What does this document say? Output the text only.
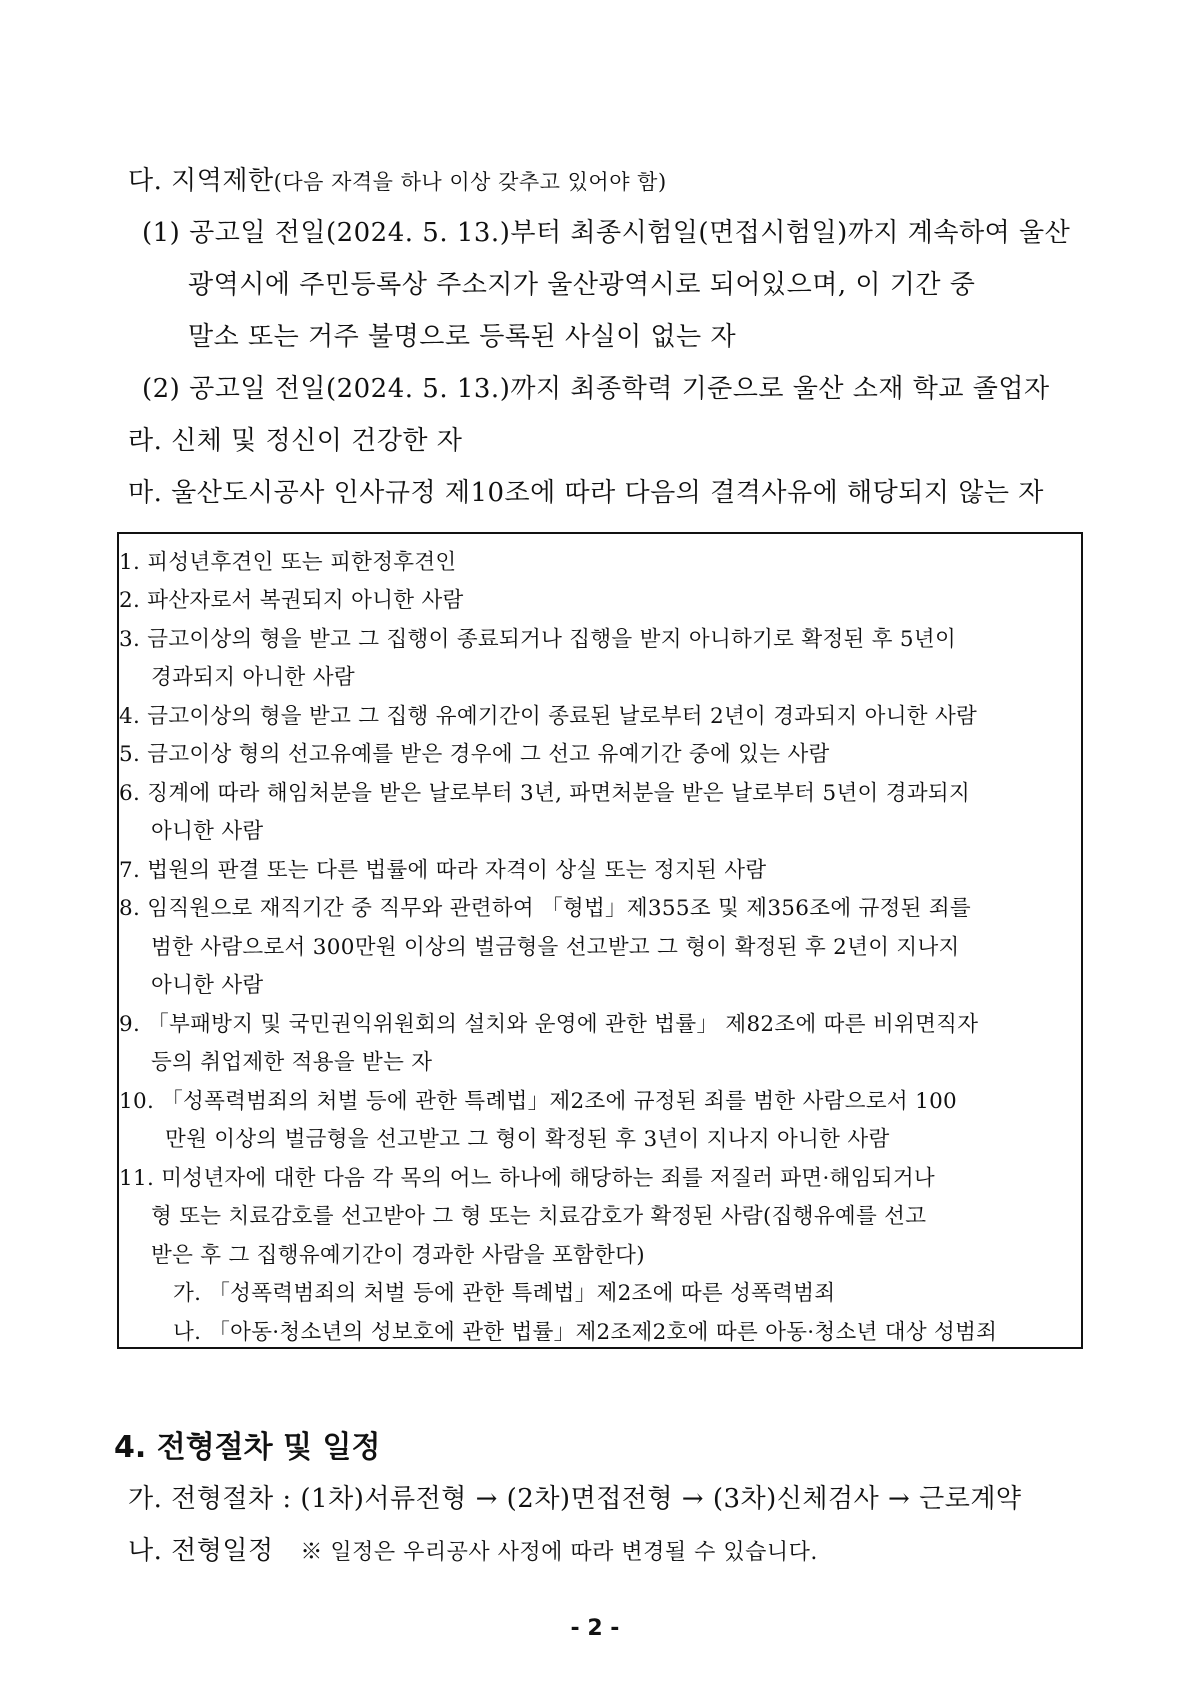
다. 지역제한(다음 자격을 하나 이상 갖추고 있어야 함)
(1) 공고일 전일(2024. 5. 13.)부터 최종시험일(면접시험일)까지 계속하여 울산
광역시에 주민등록상 주소지가 울산광역시로 되어있으며, 이 기간 중
말소 또는 거주 불명으로 등록된 사실이 없는 자
(2) 공고일 전일(2024. 5. 13.)까지 최종학력 기준으로 울산 소재 학교 졸업자
라. 신체 및 정신이 건강한 자
마. 울산도시공사 인사규정 제10조에 따라 다음의 결격사유에 해당되지 않는 자
1. 피성년후견인 또는 피한정후견인
2. 파산자로서 복권되지 아니한 사람
3. 금고이상의 형을 받고 그 집행이 종료되거나 집행을 받지 아니하기로 확정된 후 5년이
경과되지 아니한 사람
4. 금고이상의 형을 받고 그 집행 유예기간이 종료된 날로부터 2년이 경과되지 아니한 사람
5. 금고이상 형의 선고유예를 받은 경우에 그 선고 유예기간 중에 있는 사람
6. 징계에 따라 해임처분을 받은 날로부터 3년, 파면처분을 받은 날로부터 5년이 경과되지
아니한 사람
7. 법원의 판결 또는 다른 법률에 따라 자격이 상실 또는 정지된 사람
8. 임직원으로 재직기간 중 직무와 관련하여 「형법」제355조 및 제356조에 규정된 죄를
범한 사람으로서 300만원 이상의 벌금형을 선고받고 그 형이 확정된 후 2년이 지나지
아니한 사람
9. 「부패방지 및 국민권익위원회의 설치와 운영에 관한 법률」 제82조에 따른 비위면직자
등의 취업제한 적용을 받는 자
10. 「성폭력범죄의 처벌 등에 관한 특례법」제2조에 규정된 죄를 범한 사람으로서 100
만원 이상의 벌금형을 선고받고 그 형이 확정된 후 3년이 지나지 아니한 사람
11. 미성년자에 대한 다음 각 목의 어느 하나에 해당하는 죄를 저질러 파면·해임되거나
형 또는 치료감호를 선고받아 그 형 또는 치료감호가 확정된 사람(집행유예를 선고
받은 후 그 집행유예기간이 경과한 사람을 포함한다)
가. 「성폭력범죄의 처벌 등에 관한 특례법」제2조에 따른 성폭력범죄
나. 「아동·청소년의 성보호에 관한 법률」제2조제2호에 따른 아동·청소년 대상 성범죄
4. 전형절차 및 일정
가. 전형절차 : (1차)서류전형 → (2차)면접전형 → (3차)신체검사 → 근로계약
나. 전형일정 ※ 일정은 우리공사 사정에 따라 변경될 수 있습니다.
- 2 -
